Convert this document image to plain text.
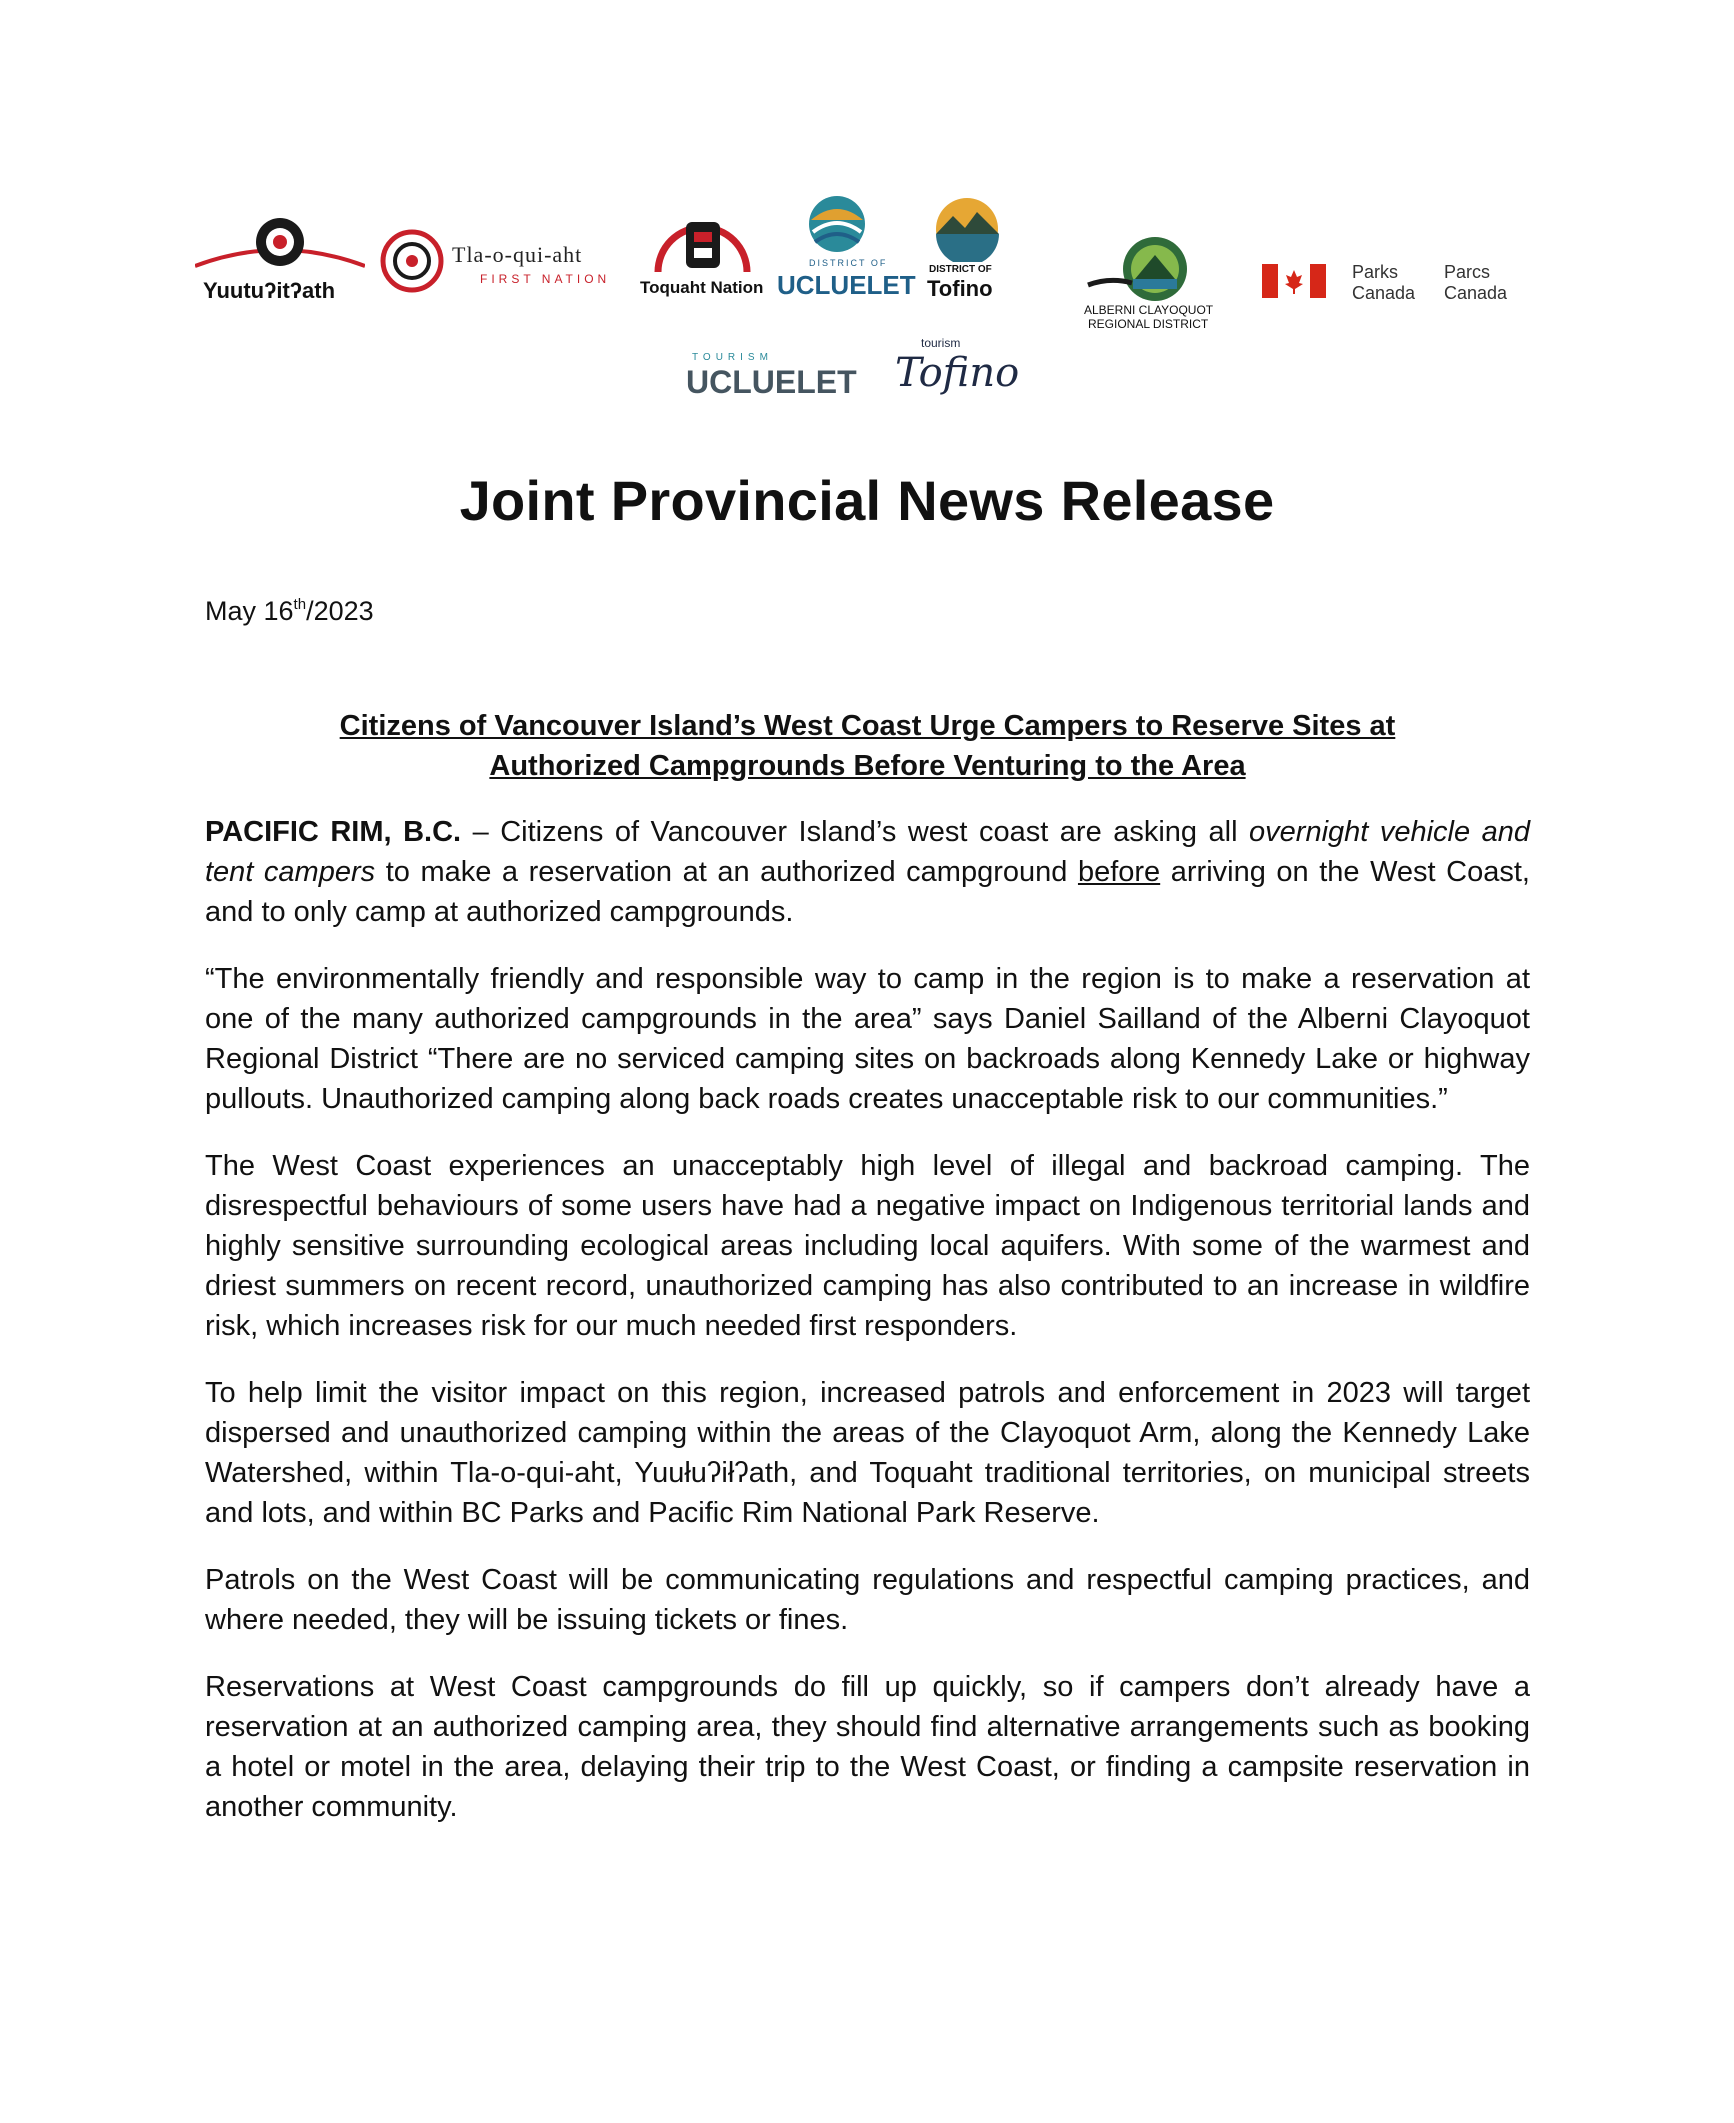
Yuutuʔitʔath
Tla-o-qui-aht
FIRST NATION Toquaht Nation
DISTRICT OF
UCLUELET
DISTRICT OF
Tofino
ALBERNI CLAYOQUOT
REGIONAL DISTRICT
Parks
Canada
Parcs
Canada
TOURISM
UCLUELET
tourism
Tofino
Joint Provincial News Release
May 16th/2023
Citizens of Vancouver Island’s West Coast Urge Campers to Reserve Sites at
Authorized Campgrounds Before Venturing to the Area

PACIFIC RIM, B.C. – Citizens of Vancouver Island’s west coast are asking all overnight vehicle and tent campers to make a reservation at an authorized campground before arriving on the West Coast, and to only camp at authorized campgrounds.

“The environmentally friendly and responsible way to camp in the region is to make a reservation at one of the many authorized campgrounds in the area” says Daniel Sailland of the Alberni Clayoquot Regional District “There are no serviced camping sites on backroads along Kennedy Lake or highway pullouts. Unauthorized camping along back roads creates unacceptable risk to our communities.”

The West Coast experiences an unacceptably high level of illegal and backroad camping. The disrespectful behaviours of some users have had a negative impact on Indigenous territorial lands and highly sensitive surrounding ecological areas including local aquifers. With some of the warmest and driest summers on recent record, unauthorized camping has also contributed to an increase in wildfire risk, which increases risk for our much needed first responders.

To help limit the visitor impact on this region, increased patrols and enforcement in 2023 will target dispersed and unauthorized camping within the areas of the Clayoquot Arm, along the Kennedy Lake Watershed, within Tla-o-qui-aht, Yuułuʔiłʔath, and Toquaht traditional territories, on municipal streets and lots, and within BC Parks and Pacific Rim National Park Reserve.

Patrols on the West Coast will be communicating regulations and respectful camping practices, and where needed, they will be issuing tickets or fines.

Reservations at West Coast campgrounds do fill up quickly, so if campers don’t already have a reservation at an authorized camping area, they should find alternative arrangements such as booking a hotel or motel in the area, delaying their trip to the West Coast, or finding a campsite reservation in another community.
